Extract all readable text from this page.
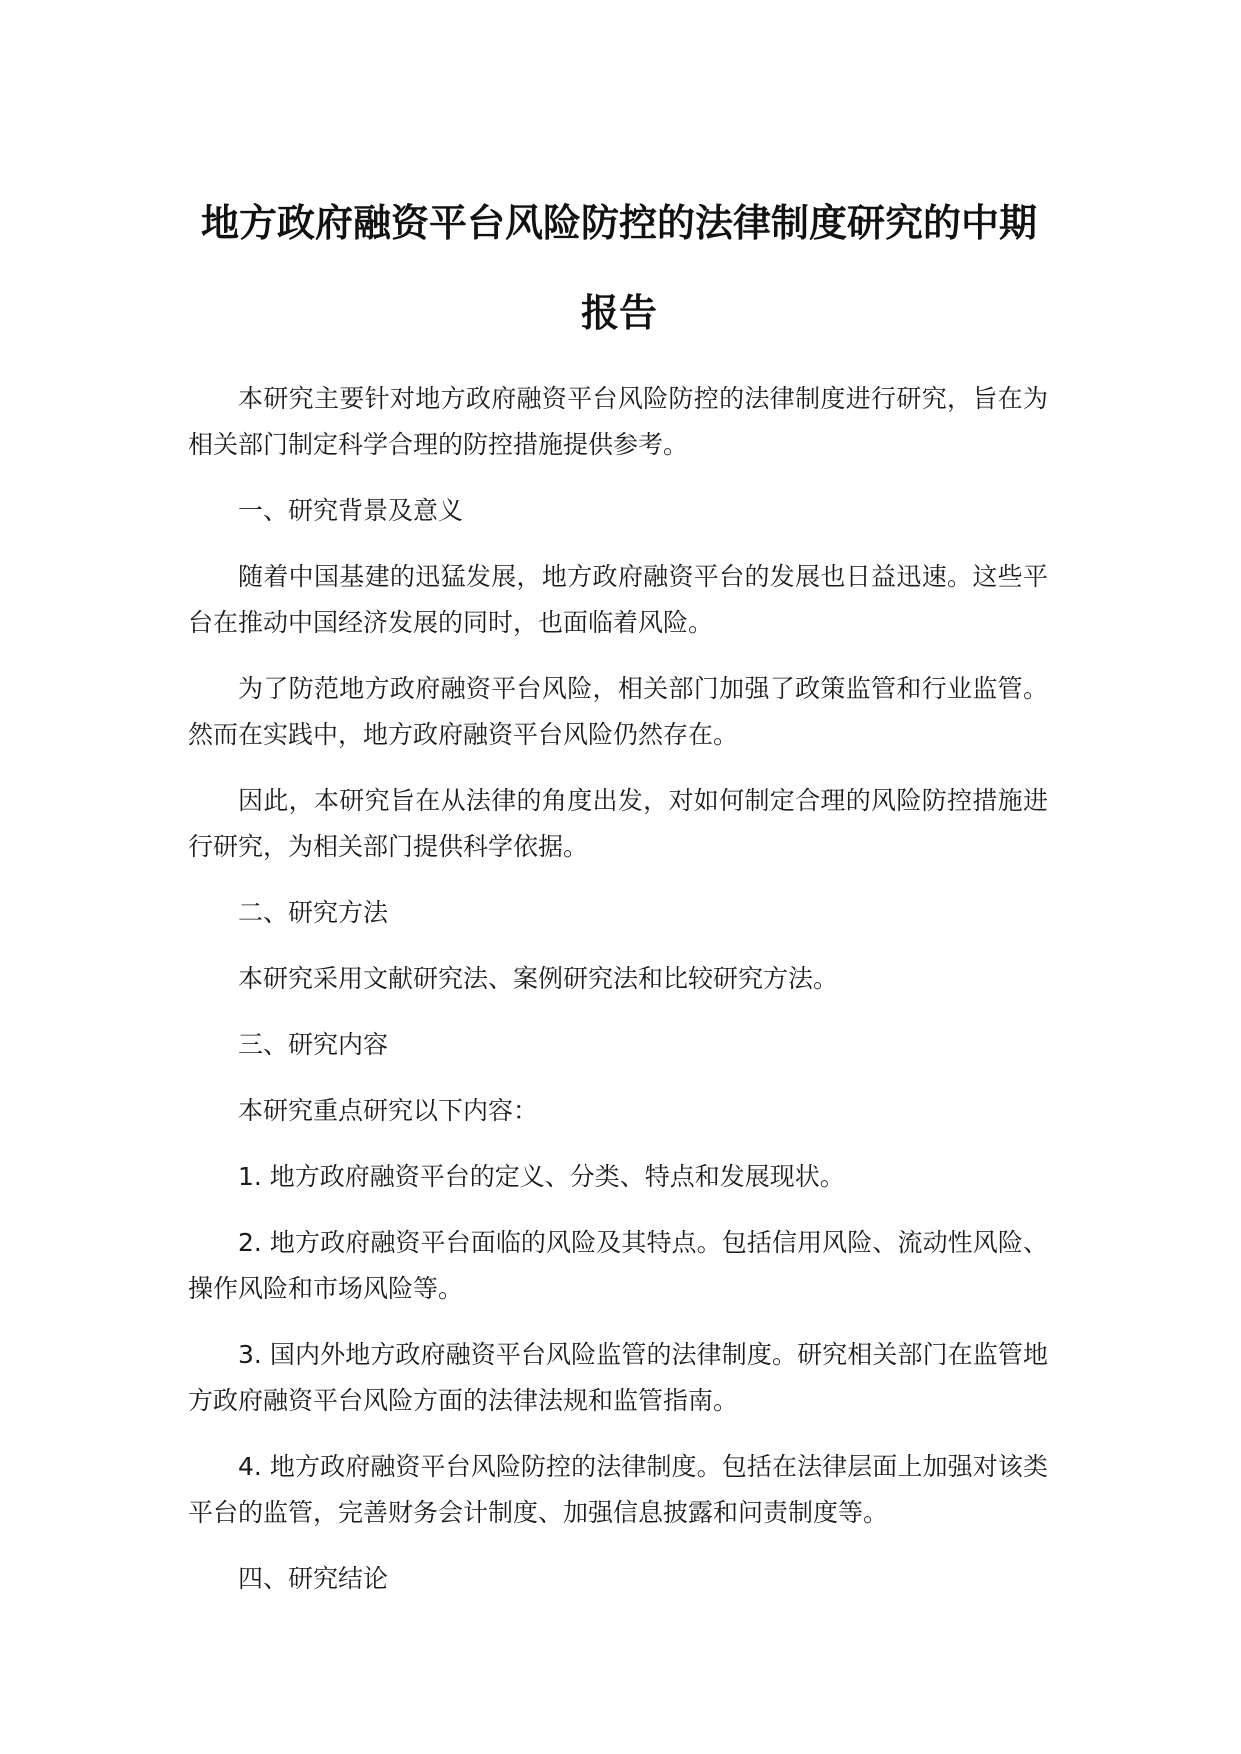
地方政府融资平台风险防控的法律制度研究的中期报告

本研究主要针对地方政府融资平台风险防控的法律制度进行研究，旨在为相关部门制定科学合理的防控措施提供参考。

一、研究背景及意义

随着中国基建的迅猛发展，地方政府融资平台的发展也日益迅速。这些平台在推动中国经济发展的同时，也面临着风险。

为了防范地方政府融资平台风险，相关部门加强了政策监管和行业监管。然而在实践中，地方政府融资平台风险仍然存在。

因此，本研究旨在从法律的角度出发，对如何制定合理的风险防控措施进行研究，为相关部门提供科学依据。

二、研究方法

本研究采用文献研究法、案例研究法和比较研究方法。

三、研究内容

本研究重点研究以下内容：

1. 地方政府融资平台的定义、分类、特点和发展现状。

2. 地方政府融资平台面临的风险及其特点。包括信用风险、流动性风险、操作风险和市场风险等。

3. 国内外地方政府融资平台风险监管的法律制度。研究相关部门在监管地方政府融资平台风险方面的法律法规和监管指南。

4. 地方政府融资平台风险防控的法律制度。包括在法律层面上加强对该类平台的监管，完善财务会计制度、加强信息披露和问责制度等。

四、研究结论
